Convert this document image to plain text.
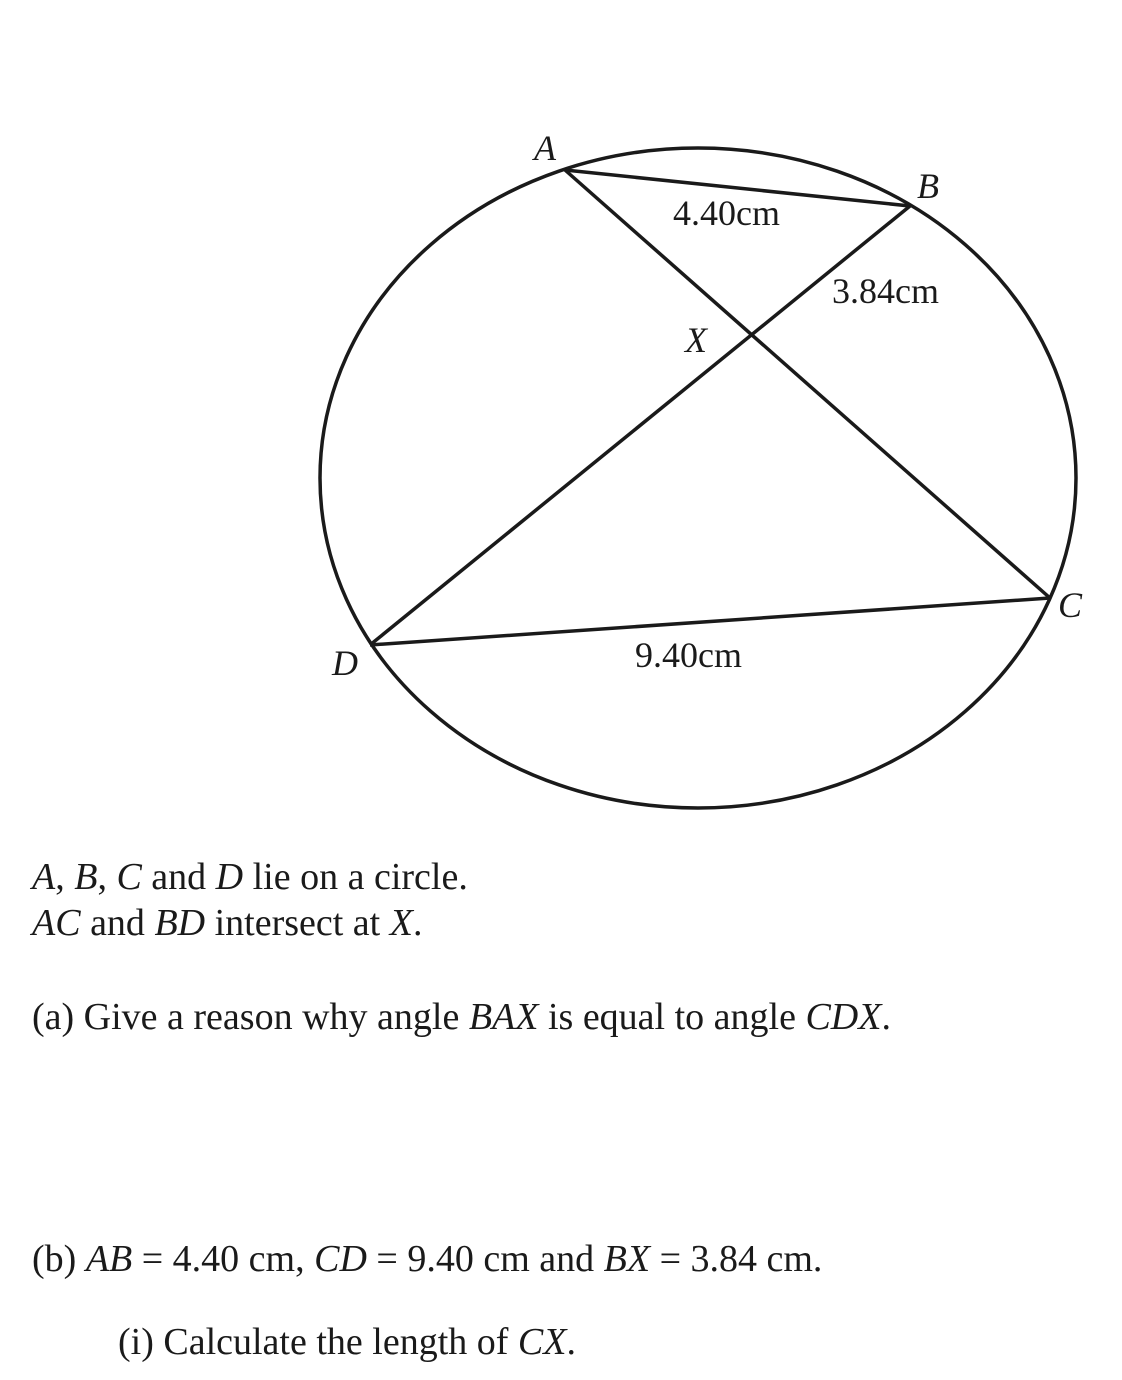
A
B
C
D
X
4.40cm
3.84cm
9.40cm
A, B, C and D lie on a circle.
AC and BD intersect at X.
(a) Give a reason why angle BAX is equal to angle CDX.
(b) AB = 4.40 cm, CD = 9.40 cm and BX = 3.84 cm.
(i) Calculate the length of CX.
